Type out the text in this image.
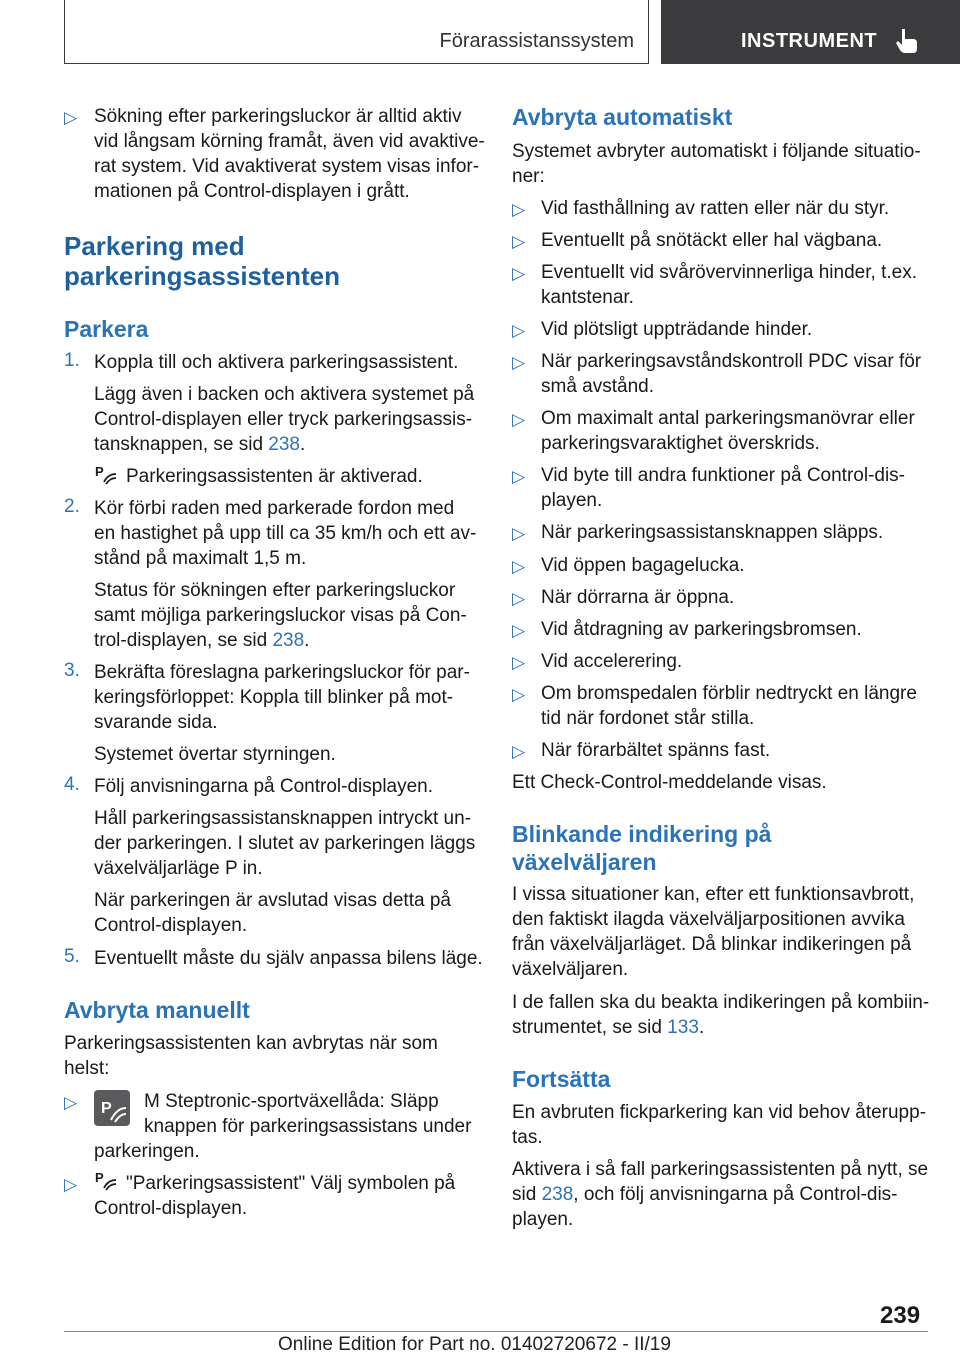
Förarassistanssystem	INSTRUMENT
239
Online Edition for Part no. 01402720672 - II/19
▷ Sökning efter parkeringsluckor är alltid aktiv
vid långsam körning framåt, även vid avaktive‐
rat system. Vid avaktiverat system visas infor‐
mationen på Control-displayen i grått.
Parkering med
parkeringsassistenten
Parkera
1. Koppla till och aktivera parkeringsassistent.
Lägg även i backen och aktivera systemet på
Control-displayen eller tryck parkeringsassis‐
tansknappen, se sid 238.
P Parkeringsassistenten är aktiverad.
2. Kör förbi raden med parkerade fordon med
en hastighet på upp till ca 35 km/h och ett av‐
stånd på maximalt 1,5 m.
Status för sökningen efter parkeringsluckor
samt möjliga parkeringsluckor visas på Con‐
trol-displayen, se sid 238.
3. Bekräfta föreslagna parkeringsluckor för par‐
keringsförloppet: Koppla till blinker på mot‐
svarande sida.
Systemet övertar styrningen.
4. Följ anvisningarna på Control-displayen.
Håll parkeringsassistansknappen intryckt un‐
der parkeringen. I slutet av parkeringen läggs
växelväljarläge P in.
När parkeringen är avslutad visas detta på
Control-displayen.
5. Eventuellt måste du själv anpassa bilens läge.
Avbryta manuellt
Parkeringsassistenten kan avbrytas när som
helst:
▷ P M Steptronic-sportväxellåda: Släpp
knappen för parkeringsassistans under
parkeringen.
▷ P "Parkeringsassistent" Välj symbolen på
Control-displayen.
Avbryta automatiskt
Systemet avbryter automatiskt i följande situatio‐
ner:
▷ Vid fasthållning av ratten eller när du styr.
▷ Eventuellt på snötäckt eller hal vägbana.
▷ Eventuellt vid svårövervinnerliga hinder, t.ex.
kantstenar.
▷ Vid plötsligt uppträdande hinder.
▷ När parkeringsavståndskontroll PDC visar för
små avstånd.
▷ Om maximalt antal parkeringsmanövrar eller
parkeringsvaraktighet överskrids.
▷ Vid byte till andra funktioner på Control-dis‐
playen.
▷ När parkeringsassistansknappen släpps.
▷ Vid öppen bagagelucka.
▷ När dörrarna är öppna.
▷ Vid åtdragning av parkeringsbromsen.
▷ Vid accelerering.
▷ Om bromspedalen förblir nedtryckt en längre
tid när fordonet står stilla.
▷ När förarbältet spänns fast.
Ett Check-Control-meddelande visas.
Blinkande indikering på
växelväljaren
I vissa situationer kan, efter ett funktionsavbrott,
den faktiskt ilagda växelväljarpositionen avvika
från växelväljarläget. Då blinkar indikeringen på
växelväljaren.
I de fallen ska du beakta indikeringen på kombiin‐
strumentet, se sid 133.
Fortsätta
En avbruten fickparkering kan vid behov återupp‐
tas.
Aktivera i så fall parkeringsassistenten på nytt, se
sid 238, och följ anvisningarna på Control-dis‐
playen.
